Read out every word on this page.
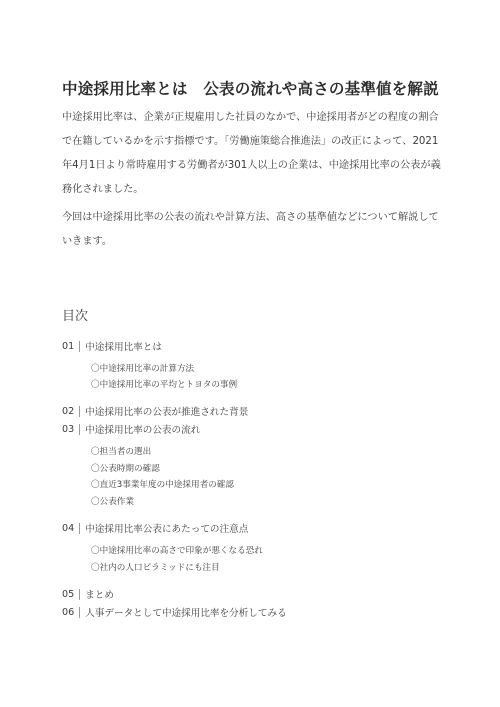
中途採用比率とは　公表の流れや高さの基準値を解説

中途採用比率は、企業が正規雇用した社員のなかで、中途採用者がどの程度の割合で在籍しているかを示す指標です。「労働施策総合推進法」の改正によって、2021年4月1日より常時雇用する労働者が301人以上の企業は、中途採用比率の公表が義務化されました。

今回は中途採用比率の公表の流れや計算方法、高さの基準値などについて解説していきます。

目次
01 中途採用比率とは
〇中途採用比率の計算方法
〇中途採用比率の平均とトヨタの事例
02 中途採用比率の公表が推進された背景
03 中途採用比率の公表の流れ
〇担当者の選出
〇公表時期の確認
〇直近3事業年度の中途採用者の確認
〇公表作業
04 中途採用比率公表にあたっての注意点
〇中途採用比率の高さで印象が悪くなる恐れ
〇社内の人口ピラミッドにも注目
05 まとめ
06 人事データとして中途採用比率を分析してみる
